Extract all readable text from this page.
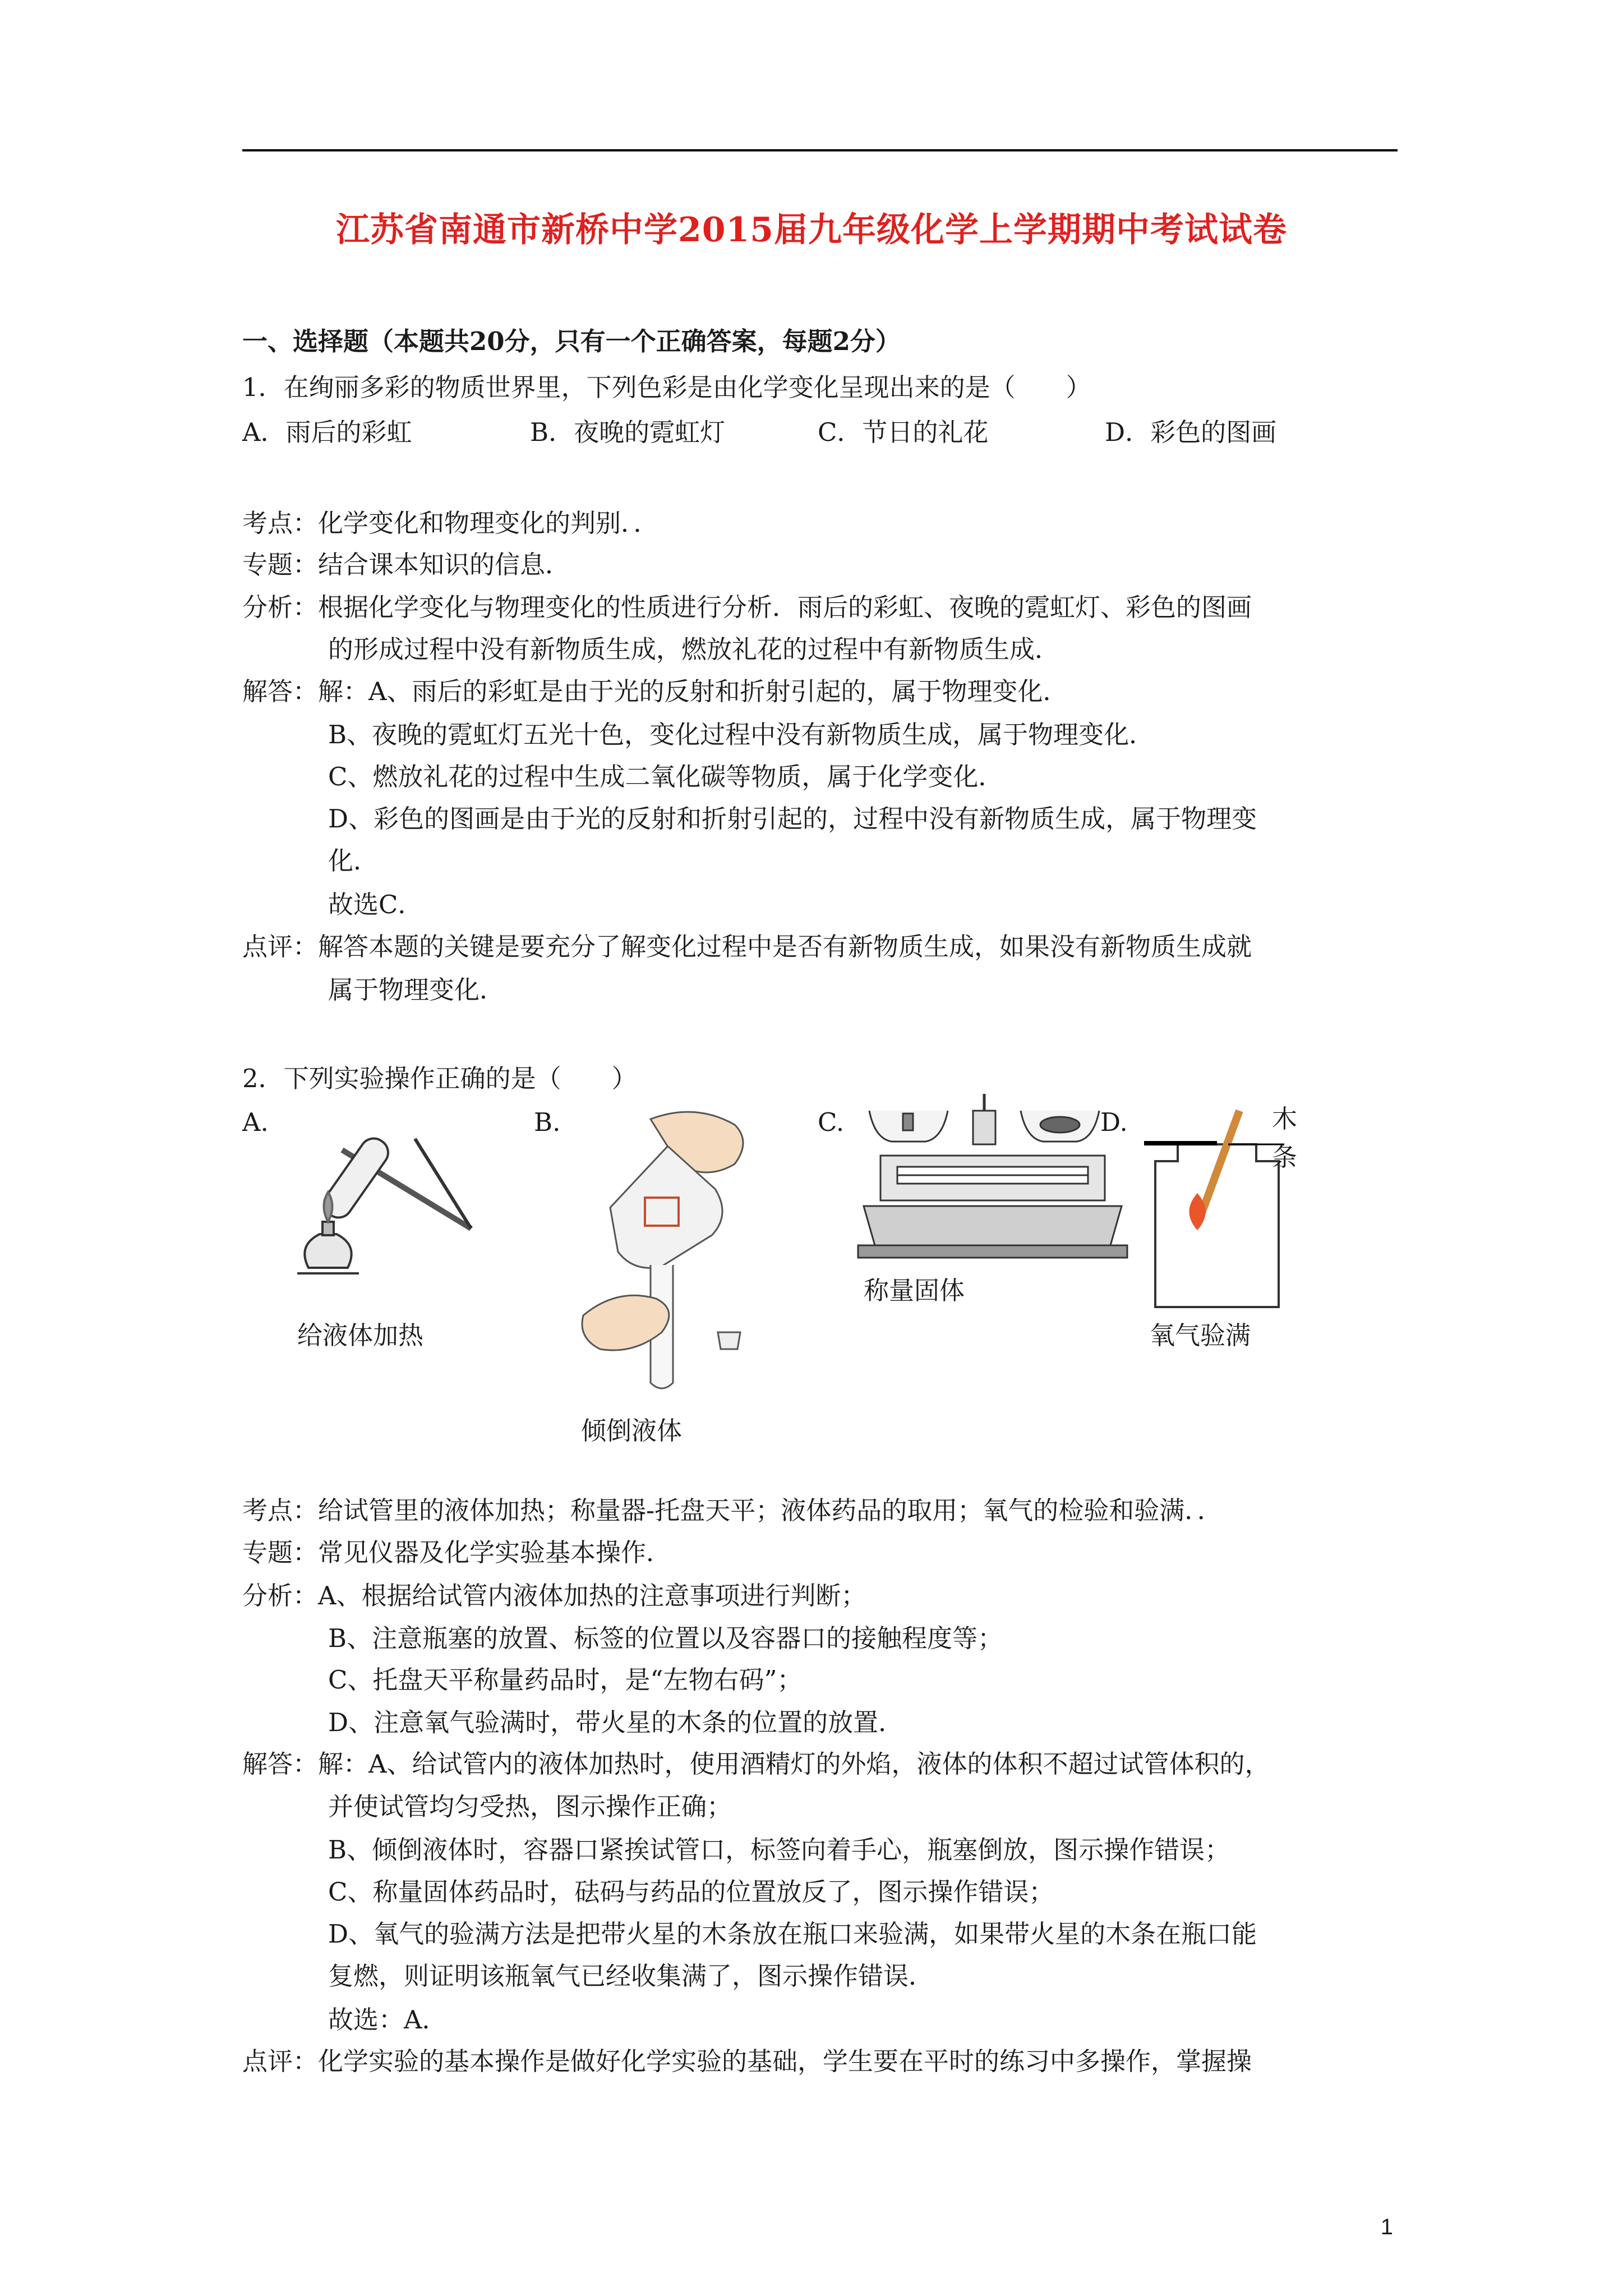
江苏省南通市新桥中学2015届九年级化学上学期期中考试试卷
一、选择题（本题共20分，只有一个正确答案，每题2分）
1．在绚丽多彩的物质世界里，下列色彩是由化学变化呈现出来的是（　　）
A．雨后的彩虹	B．夜晚的霓虹灯	C．节日的礼花	D．彩色的图画
考点：化学变化和物理变化的判别．．
专题：结合课本知识的信息．
分析：根据化学变化与物理变化的性质进行分析．雨后的彩虹、夜晚的霓虹灯、彩色的图画
的形成过程中没有新物质生成，燃放礼花的过程中有新物质生成．
解答：解：A、雨后的彩虹是由于光的反射和折射引起的，属于物理变化．
B、夜晚的霓虹灯五光十色，变化过程中没有新物质生成，属于物理变化．
C、燃放礼花的过程中生成二氧化碳等物质，属于化学变化．
D、彩色的图画是由于光的反射和折射引起的，过程中没有新物质生成，属于物理变
化．
故选C．
点评：解答本题的关键是要充分了解变化过程中是否有新物质生成，如果没有新物质生成就
属于物理变化．
2．下列实验操作正确的是（　　）
A.	B.	C.	D.
给液体加热
倾倒液体
称量固体
木
条
氧气验满
考点：给试管里的液体加热；称量器-托盘天平；液体药品的取用；氧气的检验和验满．．
专题：常见仪器及化学实验基本操作．
分析：A、根据给试管内液体加热的注意事项进行判断；
B、注意瓶塞的放置、标签的位置以及容器口的接触程度等；
C、托盘天平称量药品时，是“左物右码”；
D、注意氧气验满时，带火星的木条的位置的放置．
解答：解：A、给试管内的液体加热时，使用酒精灯的外焰，液体的体积不超过试管体积的，
并使试管均匀受热，图示操作正确；
B、倾倒液体时，容器口紧挨试管口，标签向着手心，瓶塞倒放，图示操作错误；
C、称量固体药品时，砝码与药品的位置放反了，图示操作错误；
D、氧气的验满方法是把带火星的木条放在瓶口来验满，如果带火星的木条在瓶口能
复燃，则证明该瓶氧气已经收集满了，图示操作错误．
故选：A．
点评：化学实验的基本操作是做好化学实验的基础，学生要在平时的练习中多操作，掌握操
1
